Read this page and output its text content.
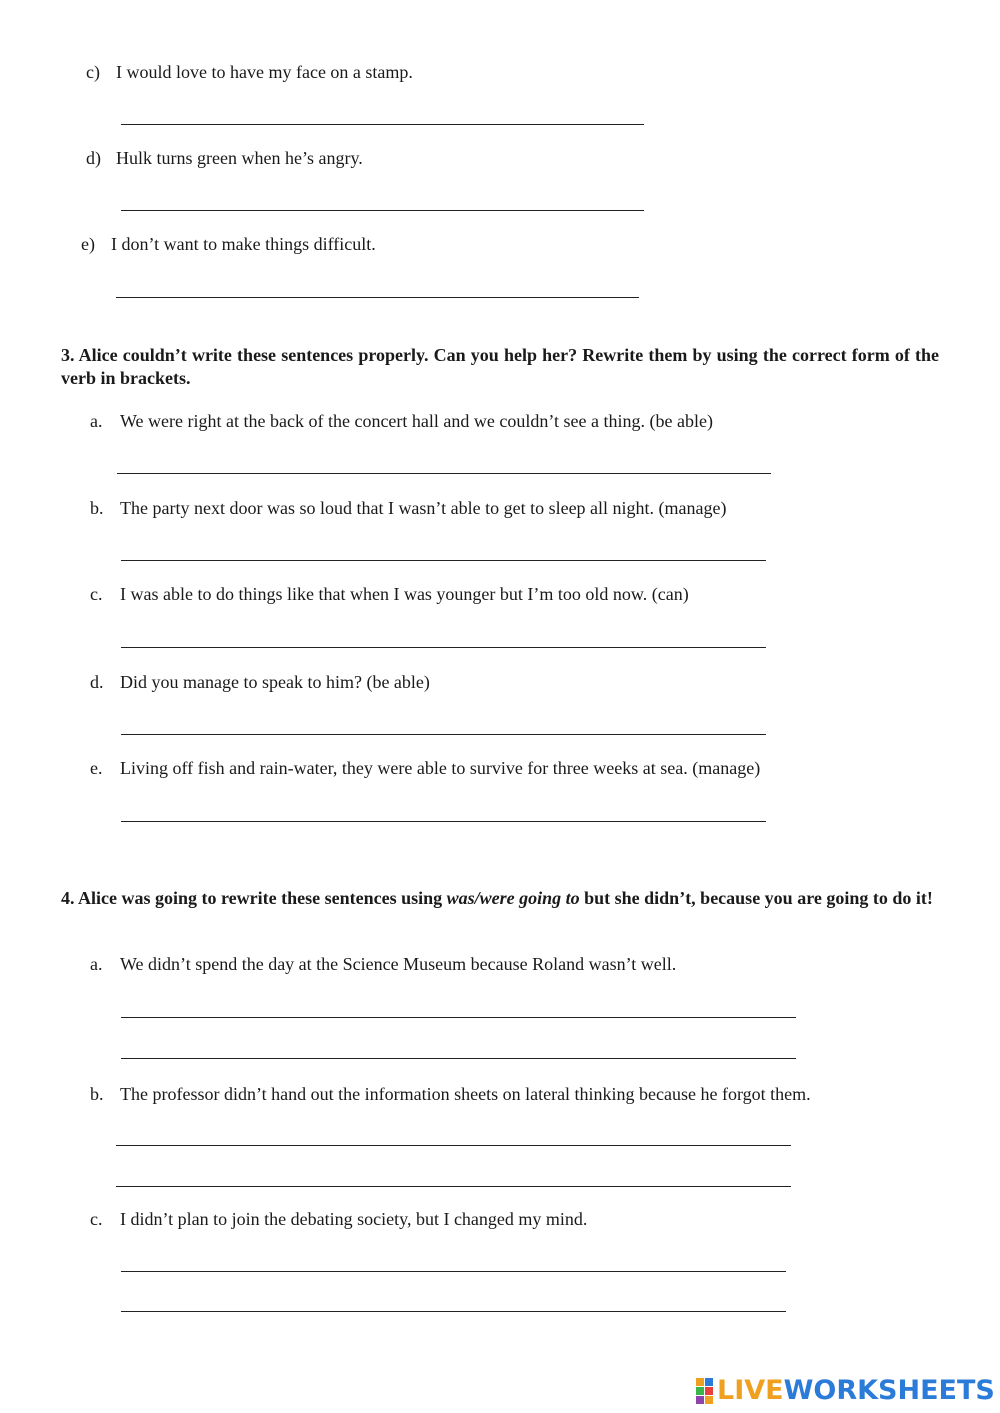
c) I would love to have my face on a stamp.
d) Hulk turns green when he’s angry.
e) I don’t want to make things difficult.
3. Alice couldn’t write these sentences properly. Can you help her? Rewrite them by using the correct form of the verb in brackets.
a. We were right at the back of the concert hall and we couldn’t see a thing. (be able)
b. The party next door was so loud that I wasn’t able to get to sleep all night. (manage)
c. I was able to do things like that when I was younger but I’m too old now. (can)
d. Did you manage to speak to him? (be able)
e. Living off fish and rain-water, they were able to survive for three weeks at sea. (manage)
4. Alice was going to rewrite these sentences using was/were going to but she didn’t, because you are going to do it!
a. We didn’t spend the day at the Science Museum because Roland wasn’t well.
b. The professor didn’t hand out the information sheets on lateral thinking because he forgot them.
c. I didn’t plan to join the debating society, but I changed my mind.
LIVE WORKSHEETS
